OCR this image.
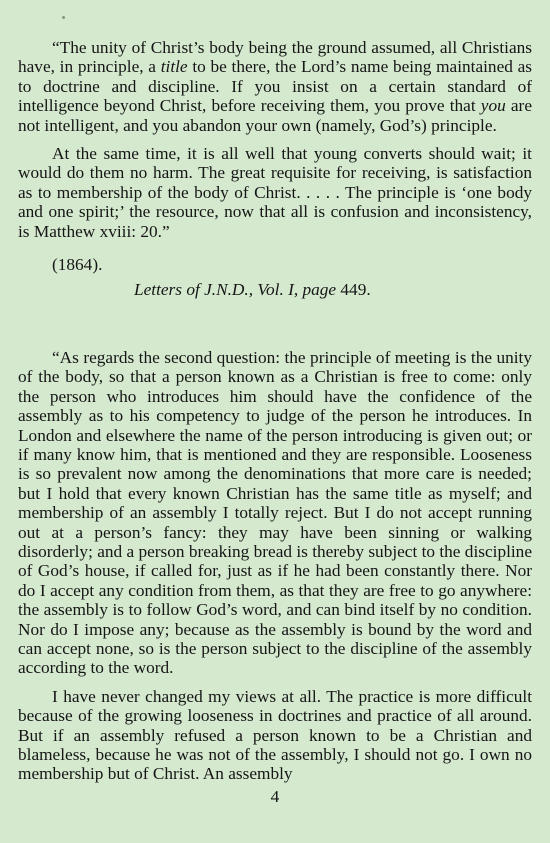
“The unity of Christ’s body being the ground assumed, all Christians have, in principle, a title to be there, the Lord’s name being maintained as to doctrine and discipline. If you insist on a certain standard of intelligence beyond Christ, before receiving them, you prove that you are not intelligent, and you abandon your own (namely, God’s) principle.

At the same time, it is all well that young converts should wait; it would do them no harm. The great requisite for receiving, is satisfaction as to membership of the body of Christ. . . . . The principle is ‘one body and one spirit;’ the resource, now that all is confusion and inconsistency, is Matthew xviii: 20.”

(1864).

Letters of J.N.D., Vol. I, page 449.

“As regards the second question: the principle of meeting is the unity of the body, so that a person known as a Christian is free to come: only the person who introduces him should have the confidence of the assembly as to his competency to judge of the person he introduces. In London and elsewhere the name of the person introducing is given out; or if many know him, that is mentioned and they are responsible. Looseness is so prevalent now among the denominations that more care is needed; but I hold that every known Christian has the same title as myself; and membership of an assembly I totally reject. But I do not accept running out at a person’s fancy: they may have been sinning or walking disorderly; and a person breaking bread is thereby subject to the discipline of God’s house, if called for, just as if he had been constantly there. Nor do I accept any condition from them, as that they are free to go anywhere: the assembly is to follow God’s word, and can bind itself by no condition. Nor do I impose any; because as the assembly is bound by the word and can accept none, so is the person subject to the discipline of the assembly according to the word.

I have never changed my views at all. The practice is more difficult because of the growing looseness in doctrines and practice of all around. But if an assembly refused a person known to be a Christian and blameless, because he was not of the assembly, I should not go. I own no membership but of Christ. An assembly

4
